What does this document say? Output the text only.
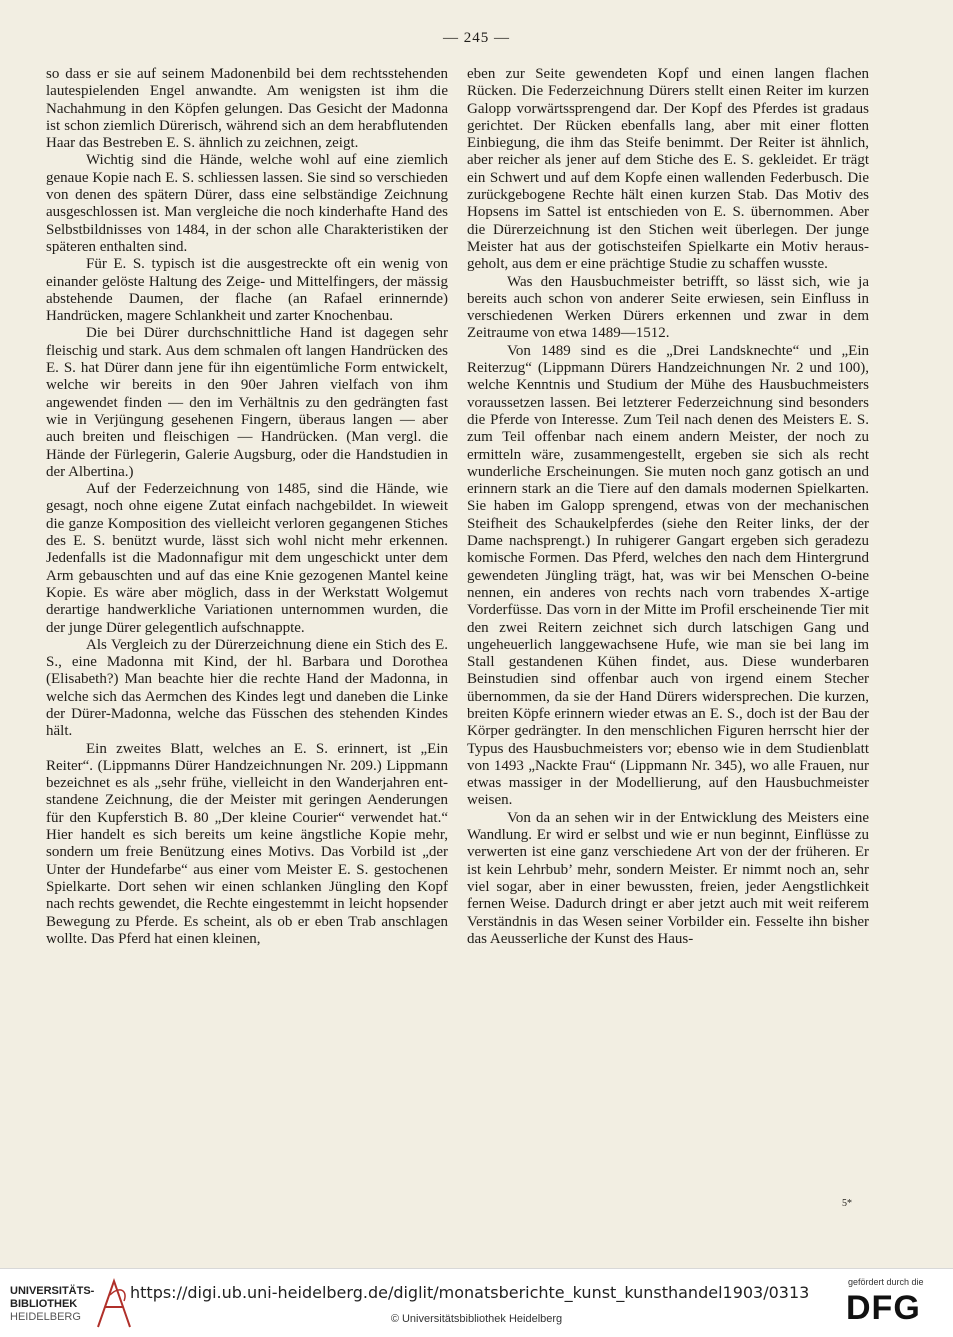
— 245 —

so dass er sie auf seinem Madonenbild bei dem rechtsstehenden lautespielenden Engel anwandte. Am wenigsten ist ihm die Nachahmung in den Köpfen gelungen. Das Gesicht der Madonna ist schon ziemlich Dürerisch, während sich an dem herabflutenden Haar das Bestreben E. S. ähnlich zu zeichnen, zeigt.

Wichtig sind die Hände, welche wohl auf eine ziemlich genaue Kopie nach E. S. schliessen lassen. Sie sind so verschieden von denen des spätern Dürer, dass eine selbständige Zeichnung ausgeschlossen ist. Man vergleiche die noch kinderhafte Hand des Selbstbildnisses von 1484, in der schon alle Charakteristiken der späteren enthalten sind.

Für E. S. typisch ist die ausgestreckte oft ein wenig von einander gelöste Haltung des Zeige- und Mittelfingers, der mässig abstehende Daumen, der flache (an Rafael erinnernde) Handrücken, magere Schlankheit und zarter Knochenbau.

Die bei Dürer durchschnittliche Hand ist dagegen sehr fleischig und stark. Aus dem schmalen oft langen Handrücken des E. S. hat Dürer dann jene für ihn eigentümliche Form entwickelt, welche wir bereits in den 90er Jahren vielfach von ihm angewendet finden — den im Verhältnis zu den gedrängten fast wie in Verjüngung gesehenen Fingern, überaus langen — aber auch breiten und fleischigen — Handrücken. (Man vergl. die Hände der Fürlegerin, Galerie Augsburg, oder die Handstudien in der Albertina.)

Auf der Federzeichnung von 1485, sind die Hände, wie gesagt, noch ohne eigene Zutat einfach nachgebildet. In wieweit die ganze Komposition des vielleicht verloren gegangenen Stiches des E. S. benützt wurde, lässt sich wohl nicht mehr erkennen. Jedenfalls ist die Madonnafigur mit dem ungeschickt unter dem Arm gebauschten und auf das eine Knie gezogenen Mantel keine Kopie. Es wäre aber möglich, dass in der Werkstatt Wolgemut derartige handwerkliche Variationen unternommen wurden, die der junge Dürer gelegentlich aufschnappte.

Als Vergleich zu der Dürerzeichnung diene ein Stich des E. S., eine Madonna mit Kind, der hl. Barbara und Dorothea (Elisabeth?) Man beachte hier die rechte Hand der Madonna, in welche sich das Aermchen des Kindes legt und daneben die Linke der Dürer-Madonna, welche das Füsschen des stehenden Kindes hält.

Ein zweites Blatt, welches an E. S. erinnert, ist „Ein Reiter“. (Lippmanns Dürer Handzeichnungen Nr. 209.) Lippmann bezeichnet es als „sehr frühe, vielleicht in den Wanderjahren entstandene Zeichnung, die der Meister mit geringen Aenderungen für den Kupferstich B. 80 „Der kleine Courier“ verwendet hat.“ Hier handelt es sich bereits um keine ängstliche Kopie mehr, sondern um freie Benützung eines Motivs. Das Vorbild ist „der Unter der Hundefarbe“ aus einer vom Meister E. S. gestochenen Spielkarte. Dort sehen wir einen schlanken Jüngling den Kopf nach rechts gewendet, die Rechte eingestemmt in leicht hopsender Bewegung zu Pferde. Es scheint, als ob er eben Trab anschlagen wollte. Das Pferd hat einen kleinen,

eben zur Seite gewendeten Kopf und einen langen flachen Rücken. Die Federzeichnung Dürers stellt einen Reiter im kurzen Galopp vorwärtssprengend dar. Der Kopf des Pferdes ist gradaus gerichtet. Der Rücken ebenfalls lang, aber mit einer flotten Einbiegung, die ihm das Steife benimmt. Der Reiter ist ähnlich, aber reicher als jener auf dem Stiche des E. S. gekleidet. Er trägt ein Schwert und auf dem Kopfe einen wallenden Federbusch. Die zurückgebogene Rechte hält einen kurzen Stab. Das Motiv des Hopsens im Sattel ist entschieden von E. S. übernommen. Aber die Dürerzeichnung ist den Stichen weit überlegen. Der junge Meister hat aus der gotischsteifen Spielkarte ein Motiv herausgeholt, aus dem er eine prächtige Studie zu schaffen wusste.

Was den Hausbuchmeister betrifft, so lässt sich, wie ja bereits auch schon von anderer Seite erwiesen, sein Einfluss in verschiedenen Werken Dürers erkennen und zwar in dem Zeitraume von etwa 1489—1512.

Von 1489 sind es die „Drei Landsknechte“ und „Ein Reiterzug“ (Lippmann Dürers Handzeichnungen Nr. 2 und 100), welche Kenntnis und Studium der Mühe des Hausbuchmeisters voraussetzen lassen. Bei letzterer Federzeichnung sind besonders die Pferde von Interesse. Zum Teil nach denen des Meisters E. S. zum Teil offenbar nach einem andern Meister, der noch zu ermitteln wäre, zusammengestellt, ergeben sie sich als recht wunderliche Erscheinungen. Sie muten noch ganz gotisch an und erinnern stark an die Tiere auf den damals modernen Spielkarten. Sie haben im Galopp sprengend, etwas von der mechanischen Steifheit des Schaukelpferdes (siehe den Reiter links, der der Dame nachsprengt.) In ruhigerer Gangart ergeben sich geradezu komische Formen. Das Pferd, welches den nach dem Hintergrund gewendeten Jüngling trägt, hat, was wir bei Menschen O-beine nennen, ein anderes von rechts nach vorn trabendes X-artige Vorderfüsse. Das vorn in der Mitte im Profil erscheinende Tier mit den zwei Reitern zeichnet sich durch latschigen Gang und ungeheuerlich langgewachsene Hufe, wie man sie bei lang im Stall gestandenen Kühen findet, aus. Diese wunderbaren Beinstudien sind offenbar auch von irgend einem Stecher übernommen, da sie der Hand Dürers widersprechen. Die kurzen, breiten Köpfe erinnern wieder etwas an E. S., doch ist der Bau der Körper gedrängter. In den menschlichen Figuren herrscht hier der Typus des Hausbuchmeisters vor; ebenso wie in dem Studienblatt von 1493 „Nackte Frau“ (Lippmann Nr. 345), wo alle Frauen, nur etwas massiger in der Modellierung, auf den Hausbuchmeister weisen.

Von da an sehen wir in der Entwicklung des Meisters eine Wandlung. Er wird er selbst und wie er nun beginnt, Einflüsse zu verwerten ist eine ganz verschiedene Art von der der früheren. Er ist kein Lehrbub’ mehr, sondern Meister. Er nimmt noch an, sehr viel sogar, aber in einer bewussten, freien, jeder Aengstlichkeit fernen Weise. Dadurch dringt er aber jetzt auch mit weit reiferem Verständnis in das Wesen seiner Vorbilder ein. Fesselte ihn bisher das Aeusserliche der Kunst des Haus-

5*
UNIVERSITÄTS-
BIBLIOTHEK
HEIDELBERG
https://digi.ub.uni-heidelberg.de/diglit/monatsberichte_kunst_kunsthandel1903/0313
© Universitätsbibliothek Heidelberg
gefördert durch die
DFG
